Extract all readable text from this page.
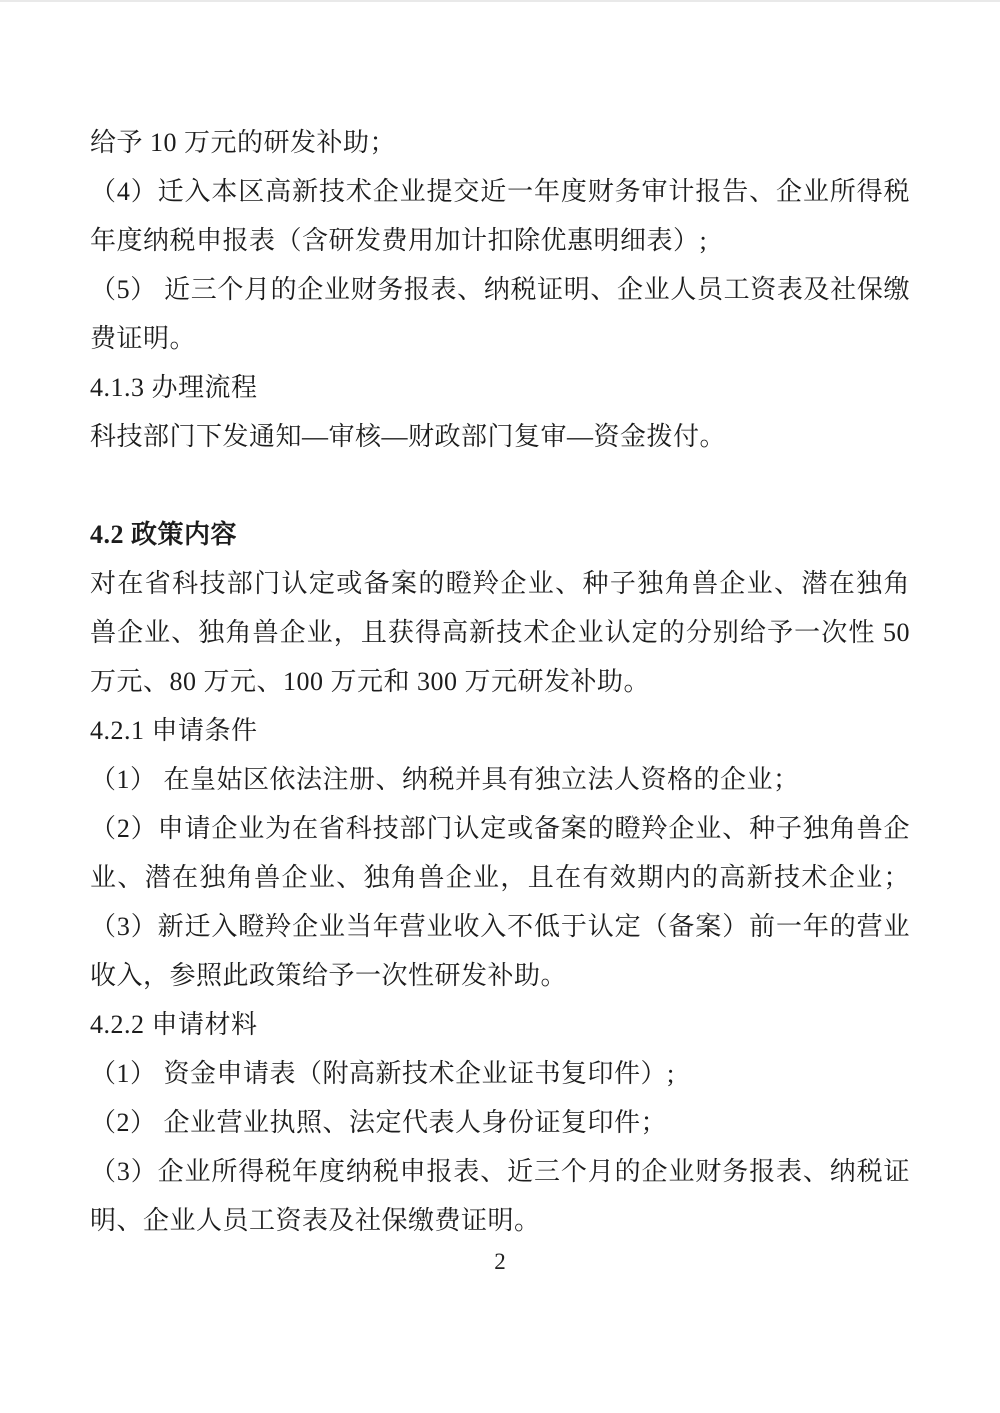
给予 10 万元的研发补助；
（4）迁入本区高新技术企业提交近一年度财务审计报告、企业所得税
年度纳税申报表（含研发费用加计扣除优惠明细表）;
（5） 近三个月的企业财务报表、纳税证明、企业人员工资表及社保缴
费证明。
4.1.3 办理流程
科技部门下发通知—审核—财政部门复审—资金拨付。
4.2 政策内容
对在省科技部门认定或备案的瞪羚企业、种子独角兽企业、潜在独角
兽企业、独角兽企业，且获得高新技术企业认定的分别给予一次性 50
万元、80 万元、100 万元和 300 万元研发补助。
4.2.1 申请条件
（1） 在皇姑区依法注册、纳税并具有独立法人资格的企业；
（2）申请企业为在省科技部门认定或备案的瞪羚企业、种子独角兽企
业、潜在独角兽企业、独角兽企业，且在有效期内的高新技术企业；
（3）新迁入瞪羚企业当年营业收入不低于认定（备案）前一年的营业
收入，参照此政策给予一次性研发补助。
4.2.2 申请材料
（1） 资金申请表（附高新技术企业证书复印件）;
（2） 企业营业执照、法定代表人身份证复印件；
（3）企业所得税年度纳税申报表、近三个月的企业财务报表、纳税证
明、企业人员工资表及社保缴费证明。
2
